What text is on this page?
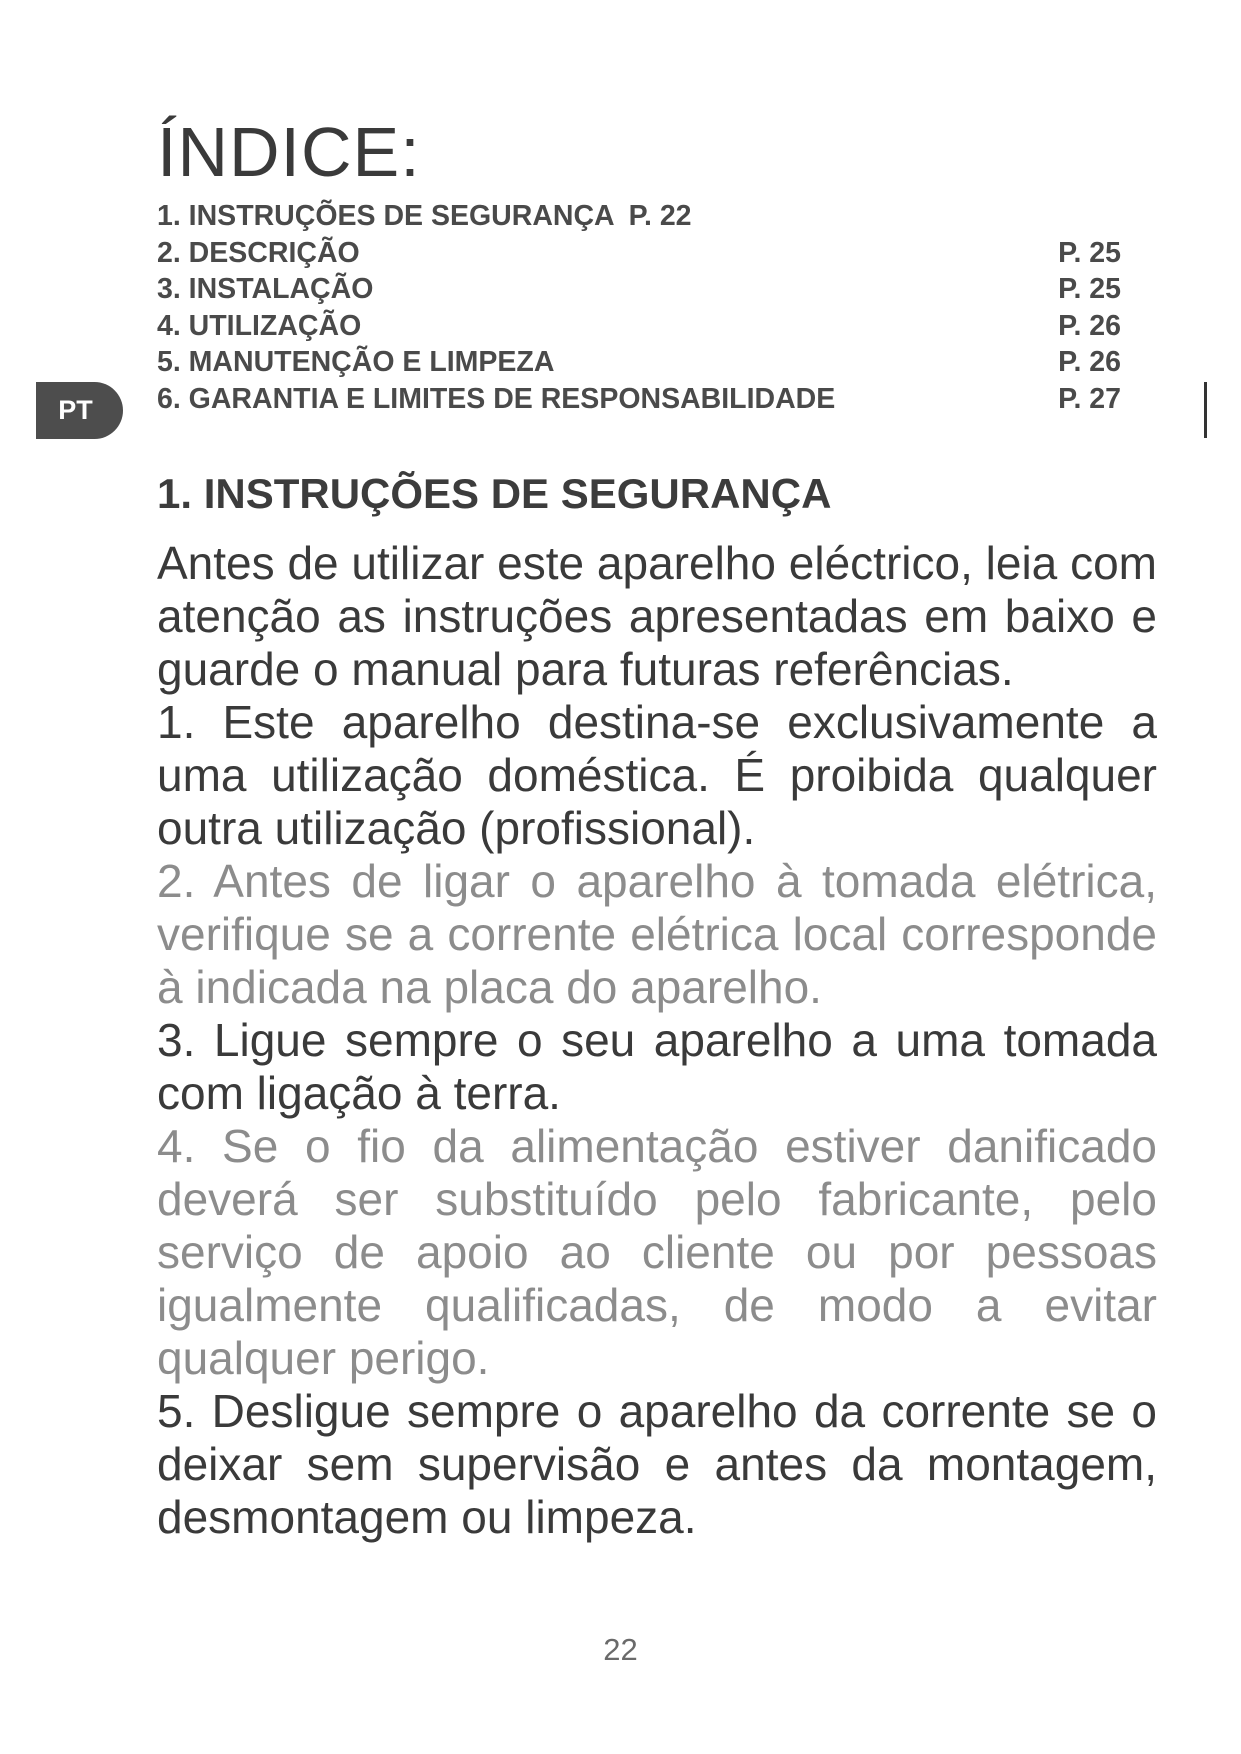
ÍNDICE:
1. INSTRUÇÕES DE SEGURANÇA P. 22
2. DESCRIÇÃO	P. 25
3. INSTALAÇÃO	P. 25
4. UTILIZAÇÃO	P. 26
5. MANUTENÇÃO E LIMPEZA	P. 26
6. GARANTIA E LIMITES DE RESPONSABILIDADE	P. 27
PT
1. INSTRUÇÕES DE SEGURANÇA

Antes de utilizar este aparelho eléctrico, leia com atenção as instruções apresentadas em baixo e guarde o manual para futuras referências.

1. Este aparelho destina-se exclusivamente a uma utilização doméstica. É proibida qualquer outra utilização (profissional).

2. Antes de ligar o aparelho à tomada elétrica, verifique se a corrente elétrica local corresponde à indicada na placa do aparelho.

3. Ligue sempre o seu aparelho a uma tomada com ligação à terra.

4. Se o fio da alimentação estiver danificado deverá ser substituído pelo fabricante, pelo serviço de apoio ao cliente ou por pessoas igualmente qualificadas, de modo a evitar qualquer perigo.

5. Desligue sempre o aparelho da corrente se o deixar sem supervisão e antes da montagem, desmontagem ou limpeza.

22
